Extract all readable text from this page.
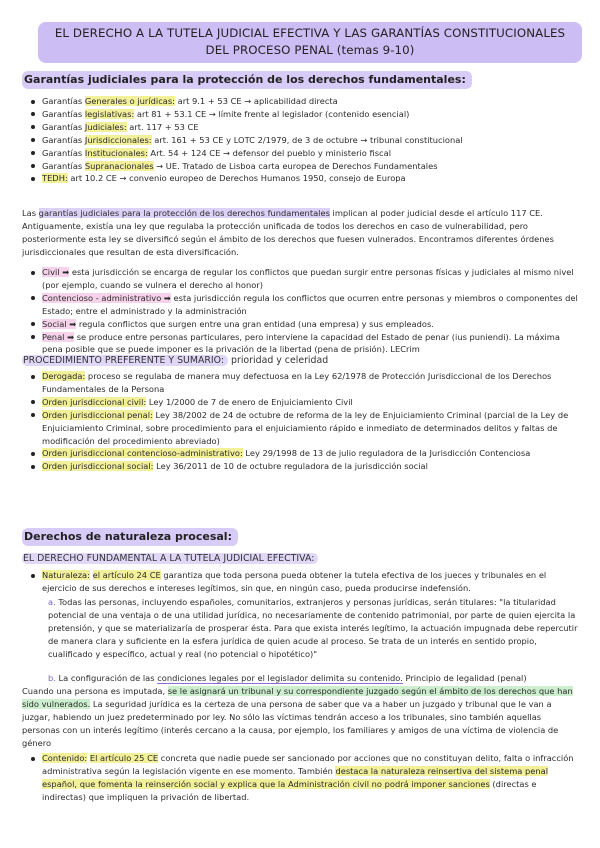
EL DERECHO A LA TUTELA JUDICIAL EFECTIVA Y LAS GARANTÍAS CONSTITUCIONALES DEL PROCESO PENAL (temas 9-10)
Garantías judiciales para la protección de los derechos fundamentales:
Garantías Generales o jurídicas: art 9.1 + 53 CE → aplicabilidad directa
Garantías legislativas: art 81 + 53.1 CE → límite frente al legislador (contenido esencial)
Garantías Judiciales: art. 117 + 53 CE
Garantías Jurisdiccionales: art. 161 + 53 CE y LOTC 2/1979, de 3 de octubre → tribunal constitucional
Garantías Institucionales: Art. 54 + 124 CE → defensor del pueblo y ministerio fiscal
Garantías Supranacionales → UE. Tratado de Lisboa carta europea de Derechos Fundamentales
TEDH: art 10.2 CE → convenio europeo de Derechos Humanos 1950, consejo de Europa
Las garantías judiciales para la protección de los derechos fundamentales implican al poder judicial desde el artículo 117 CE. Antiguamente, existía una ley que regulaba la protección unificada de todos los derechos en caso de vulnerabilidad, pero posteriormente esta ley se diversificó según el ámbito de los derechos que fuesen vulnerados. Encontramos diferentes órdenes jurisdiccionales que resultan de esta diversificación.
Civil ➡ esta jurisdicción se encarga de regular los conflictos que puedan surgir entre personas físicas y judiciales al mismo nivel (por ejemplo, cuando se vulnera el derecho al honor)
Contencioso - administrativo ➡ esta jurisdicción regula los conflictos que ocurren entre personas y miembros o componentes del Estado; entre el administrado y la administración
Social ➡ regula conflictos que surgen entre una gran entidad (una empresa) y sus empleados.
Penal ➡ se produce entre personas particulares, pero interviene la capacidad del Estado de penar (ius puniendi). La máxima pena posible que se puede imponer es la privación de la libertad (pena de prisión). LECrim
PROCEDIMIENTO PREFERENTE Y SUMARIO: prioridad y celeridad
Derogada: proceso se regulaba de manera muy defectuosa en la Ley 62/1978 de Protección Jurisdiccional de los Derechos Fundamentales de la Persona
Orden jurisdiccional civil: Ley 1/2000 de 7 de enero de Enjuiciamiento Civil
Orden jurisdiccional penal: Ley 38/2002 de 24 de octubre de reforma de la ley de Enjuiciamiento Criminal (parcial de la Ley de Enjuiciamiento Criminal, sobre procedimiento para el enjuiciamiento rápido e inmediato de determinados delitos y faltas de modificación del procedimiento abreviado)
Orden jurisdiccional contencioso-administrativo: Ley 29/1998 de 13 de julio reguladora de la Jurisdicción Contenciosa
Orden jurisdiccional social: Ley 36/2011 de 10 de octubre reguladora de la jurisdicción social
Derechos de naturaleza procesal:
EL DERECHO FUNDAMENTAL A LA TUTELA JUDICIAL EFECTIVA:
Naturaleza: el artículo 24 CE garantiza que toda persona pueda obtener la tutela efectiva de los jueces y tribunales en el ejercicio de sus derechos e intereses legítimos, sin que, en ningún caso, pueda producirse indefensión.
a. Todas las personas, incluyendo españoles, comunitarios, extranjeros y personas jurídicas, serán titulares: "la titularidad potencial de una ventaja o de una utilidad jurídica, no necesariamente de contenido patrimonial, por parte de quien ejercita la pretensión, y que se materializaría de prosperar ésta. Para que exista interés legítimo, la actuación impugnada debe repercutir de manera clara y suficiente en la esfera jurídica de quien acude al proceso. Se trata de un interés en sentido propio, cualificado y específico, actual y real (no potencial o hipotético)"
b. La configuración de las condiciones legales por el legislador delimita su contenido. Principio de legalidad (penal)
Cuando una persona es imputada, se le asignará un tribunal y su correspondiente juzgado según el ámbito de los derechos que han sido vulnerados. La seguridad jurídica es la certeza de una persona de saber que va a haber un juzgado y tribunal que le van a juzgar, habiendo un juez predeterminado por ley. No sólo las víctimas tendrán acceso a los tribunales, sino también aquellas personas con un interés legítimo (interés cercano a la causa, por ejemplo, los familiares y amigos de una víctima de violencia de género
Contenido: El artículo 25 CE concreta que nadie puede ser sancionado por acciones que no constituyan delito, falta o infracción administrativa según la legislación vigente en ese momento. También destaca la naturaleza reinsertiva del sistema penal español, que fomenta la reinserción social y explica que la Administración civil no podrá imponer sanciones (directas e indirectas) que impliquen la privación de libertad.
